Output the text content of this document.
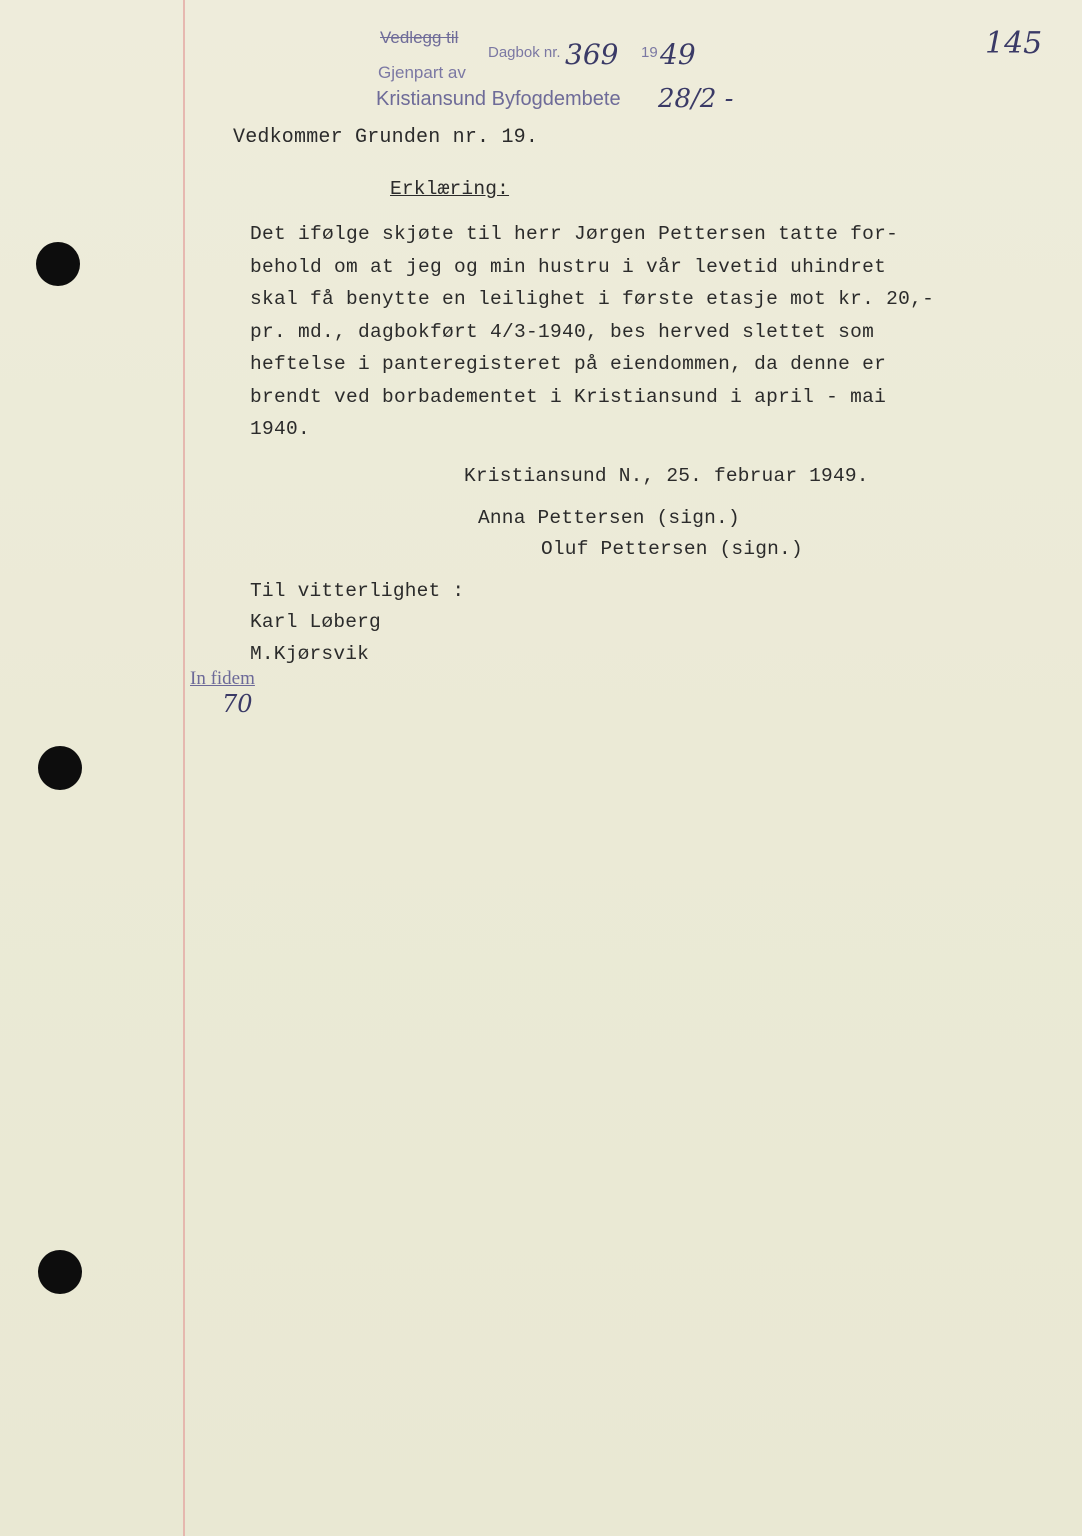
Vedlegg til
Dagbok nr.	19
Gjenpart av
Kristiansund Byfogdembete
369 49
28/2 -
145
Vedkommer Grunden nr. 19.
Erklæring:
Det ifølge skjøte til herr Jørgen Pettersen tatte for-
behold om at jeg og min hustru i vår levetid uhindret
skal få benytte en leilighet i første etasje mot kr. 20,-
pr. md., dagbokført 4/3-1940, bes herved slettet som
heftelse i panteregisteret på eiendommen, da denne er
brendt ved borbadementet i Kristiansund i april - mai
1940.
Kristiansund N., 25. februar 1949.
Anna Pettersen (sign.)
Oluf Pettersen (sign.)
Til vitterlighet :
Karl Løberg
M.Kjørsvik
In fidem
70
